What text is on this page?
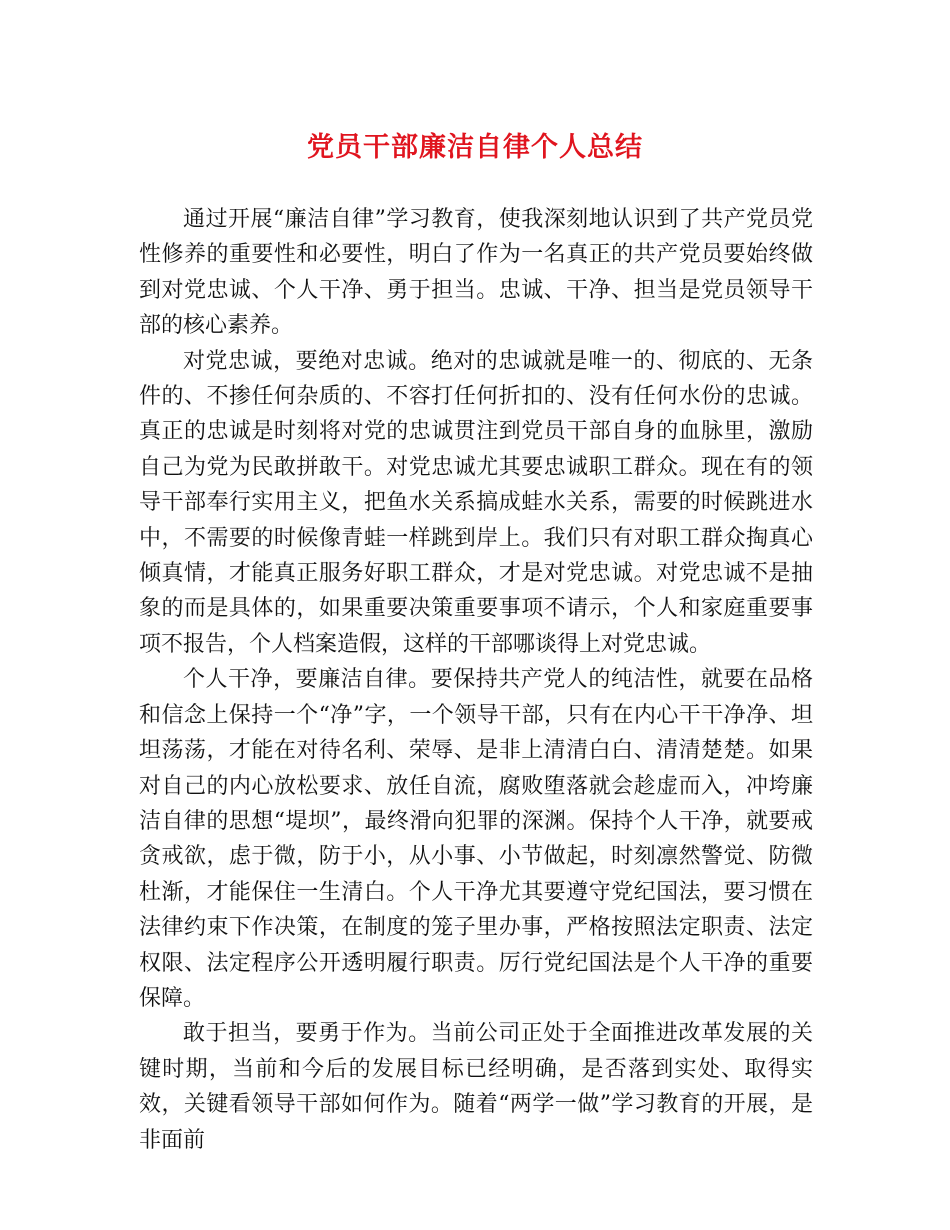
党员干部廉洁自律个人总结

通过开展“廉洁自律”学习教育，使我深刻地认识到了共产党员党性修养的重要性和必要性，明白了作为一名真正的共产党员要始终做到对党忠诚、个人干净、勇于担当。忠诚、干净、担当是党员领导干部的核心素养。

对党忠诚，要绝对忠诚。绝对的忠诚就是唯一的、彻底的、无条件的、不掺任何杂质的、不容打任何折扣的、没有任何水份的忠诚。真正的忠诚是时刻将对党的忠诚贯注到党员干部自身的血脉里，激励自己为党为民敢拼敢干。对党忠诚尤其要忠诚职工群众。现在有的领导干部奉行实用主义，把鱼水关系搞成蛙水关系，需要的时候跳进水中，不需要的时候像青蛙一样跳到岸上。我们只有对职工群众掏真心倾真情，才能真正服务好职工群众，才是对党忠诚。对党忠诚不是抽象的而是具体的，如果重要决策重要事项不请示，个人和家庭重要事项不报告，个人档案造假，这样的干部哪谈得上对党忠诚。

个人干净，要廉洁自律。要保持共产党人的纯洁性，就要在品格和信念上保持一个“净”字，一个领导干部，只有在内心干干净净、坦坦荡荡，才能在对待名利、荣辱、是非上清清白白、清清楚楚。如果对自己的内心放松要求、放任自流，腐败堕落就会趁虚而入，冲垮廉洁自律的思想“堤坝”，最终滑向犯罪的深渊。保持个人干净，就要戒贪戒欲，虑于微，防于小，从小事、小节做起，时刻凛然警觉、防微杜渐，才能保住一生清白。个人干净尤其要遵守党纪国法，要习惯在法律约束下作决策，在制度的笼子里办事，严格按照法定职责、法定权限、法定程序公开透明履行职责。厉行党纪国法是个人干净的重要保障。

敢于担当，要勇于作为。当前公司正处于全面推进改革发展的关键时期，当前和今后的发展目标已经明确，是否落到实处、取得实效，关键看领导干部如何作为。随着“两学一做”学习教育的开展，是非面前
